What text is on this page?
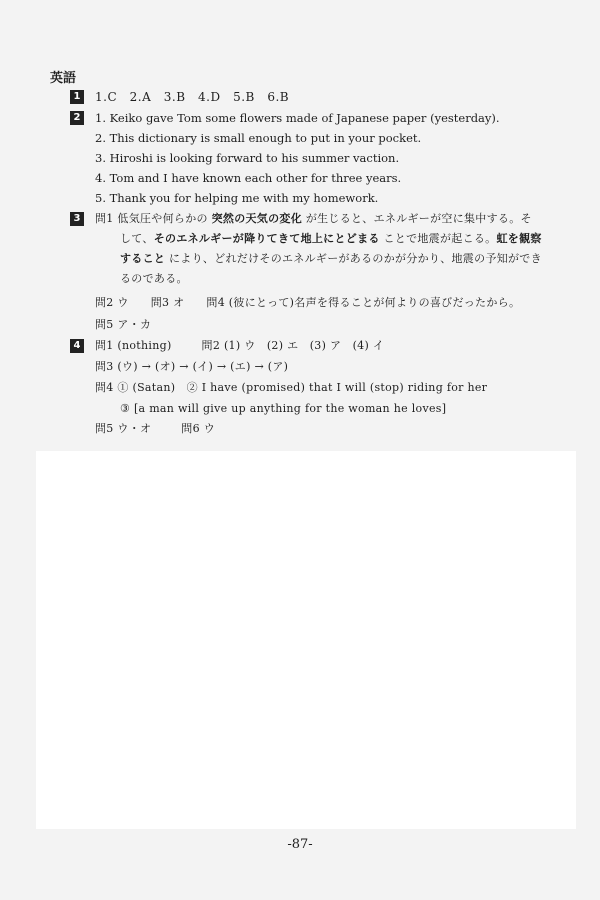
英語
1 1.C　2.A　3.B　4.D　5.B　6.B
2	1. Keiko gave Tom some flowers made of Japanese paper (yesterday).
2. This dictionary is small enough to put in your pocket.
3. Hiroshi is looking forward to his summer vaction.
4. Tom and I have known each other for three years.
5. Thank you for helping me with my homework.
3	問1 低気圧や何らかの 突然の天気の変化 が生じると、エネルギーが空に集中する。そ
して、そのエネルギーが降りてきて地上にとどまる ことで地震が起こる。虹を観察
すること により、どれだけそのエネルギーがあるのかが分かり、地震の予知ができ
るのである。
問2 ウ 問3 オ 問4 (彼にとって)名声を得ることが何よりの喜びだったから。
問5 ア・カ
4	問1 (nothing)	問2 (1) ウ　(2) エ　(3) ア　(4) イ
問3 (ウ) → (オ) → (イ) → (エ) → (ア)
問4 ① (Satan)　② I have (promised) that I will (stop) riding for her
③ [a man will give up anything for the woman he loves]
問5 ウ・オ	問6 ウ
-87-
